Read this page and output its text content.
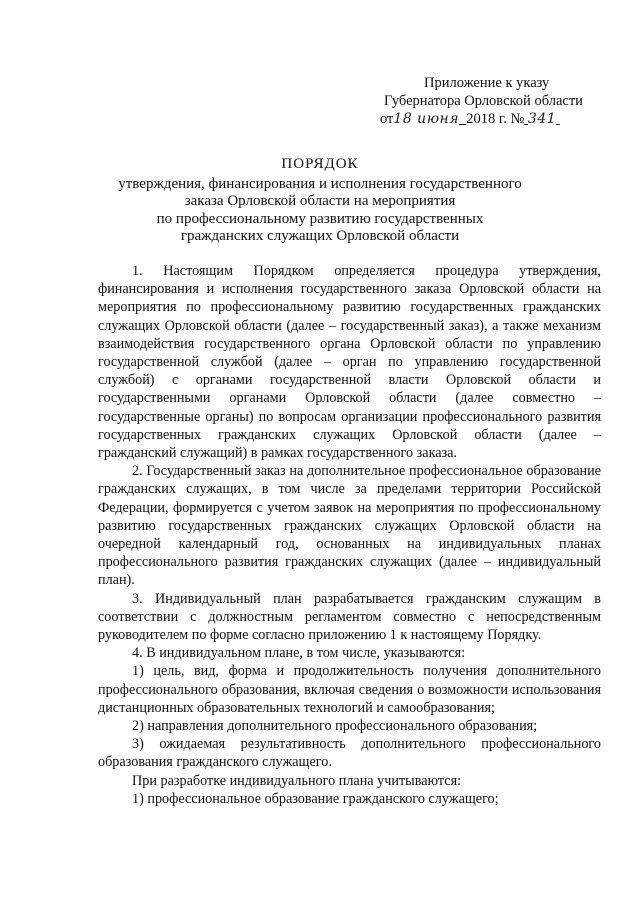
Приложение к указу
Губернатора Орловской области
от18 июня 2018 г. № 341
ПОРЯДОК
утверждения, финансирования и исполнения государственного
заказа Орловской области на мероприятия
по профессиональному развитию государственных
гражданских служащих Орловской области

1. Настоящим Порядком определяется процедура утверждения, финансирования и исполнения государственного заказа Орловской области на мероприятия по профессиональному развитию государственных гражданских служащих Орловской области (далее – государственный заказ), а также механизм взаимодействия государственного органа Орловской области по управлению государственной службой (далее – орган по управлению государственной службой) с органами государственной власти Орловской области и государственными органами Орловской области (далее совместно – государственные органы) по вопросам организации профессионального развития государственных гражданских служащих Орловской области (далее – гражданский служащий) в рамках государственного заказа.

2. Государственный заказ на дополнительное профессиональное образование гражданских служащих, в том числе за пределами территории Российской Федерации, формируется с учетом заявок на мероприятия по профессиональному развитию государственных гражданских служащих Орловской области на очередной календарный год, основанных на индивидуальных планах профессионального развития гражданских служащих (далее – индивидуальный план).

3. Индивидуальный план разрабатывается гражданским служащим в соответствии с должностным регламентом совместно с непосредственным руководителем по форме согласно приложению 1 к настоящему Порядку.

4. В индивидуальном плане, в том числе, указываются:

1) цель, вид, форма и продолжительность получения дополнительного профессионального образования, включая сведения о возможности использования дистанционных образовательных технологий и самообразования;

2) направления дополнительного профессионального образования;

3) ожидаемая результативность дополнительного профессионального образования гражданского служащего.

При разработке индивидуального плана учитываются:

1) профессиональное образование гражданского служащего;
